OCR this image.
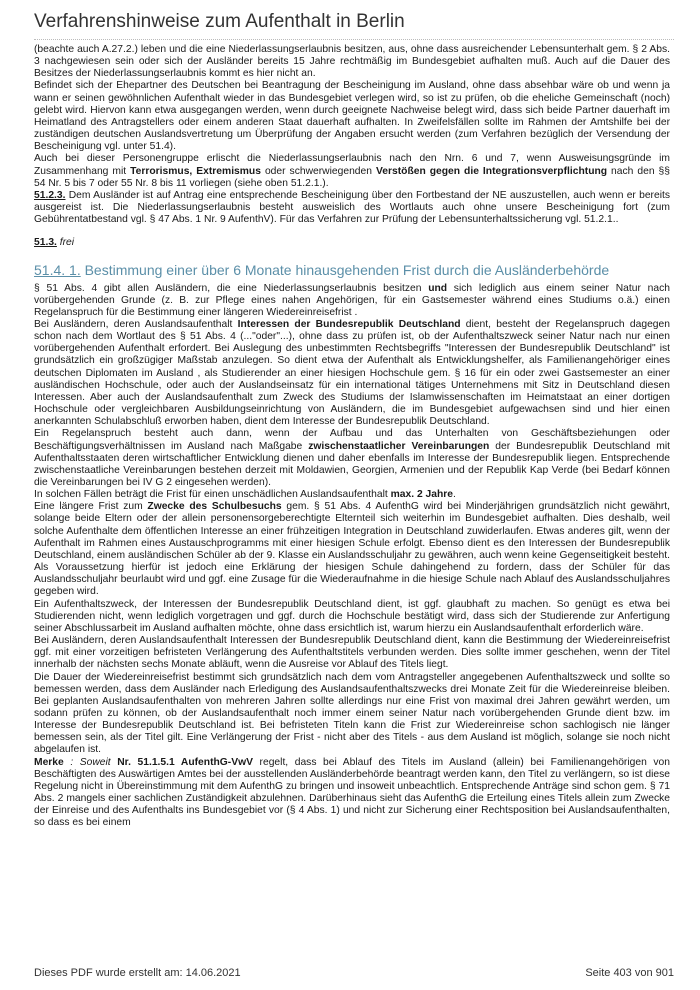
Verfahrenshinweise zum Aufenthalt in Berlin

(beachte auch A.27.2.) leben und die eine Niederlassungserlaubnis besitzen, aus, ohne dass ausreichender Lebensunterhalt gem. § 2 Abs. 3 nachgewiesen sein oder sich der Ausländer bereits 15 Jahre rechtmäßig im Bundesgebiet aufhalten muß. Auch auf die Dauer des Besitzes der Niederlassungserlaubnis kommt es hier nicht an.

Befindet sich der Ehepartner des Deutschen bei Beantragung der Bescheinigung im Ausland, ohne dass absehbar wäre ob und wenn ja wann er seinen gewöhnlichen Aufenthalt wieder in das Bundesgebiet verlegen wird, so ist zu prüfen, ob die eheliche Gemeinschaft (noch) gelebt wird. Hiervon kann etwa ausgegangen werden, wenn durch geeignete Nachweise belegt wird, dass sich beide Partner dauerhaft im Heimatland des Antragstellers oder einem anderen Staat dauerhaft aufhalten. In Zweifelsfällen sollte im Rahmen der Amtshilfe bei der zuständigen deutschen Auslandsvertretung um Überprüfung der Angaben ersucht werden (zum Verfahren bezüglich der Versendung der Bescheinigung vgl. unter 51.4).

Auch bei dieser Personengruppe erlischt die Niederlassungserlaubnis nach den Nrn. 6 und 7, wenn Ausweisungsgründe im Zusammenhang mit Terrorismus, Extremismus oder schwerwiegenden Verstößen gegen die Integrationsverpflichtung nach den §§ 54 Nr. 5 bis 7 oder 55 Nr. 8 bis 11 vorliegen (siehe oben 51.2.1.).

51.2.3. Dem Ausländer ist auf Antrag eine entsprechende Bescheinigung über den Fortbestand der NE auszustellen, auch wenn er bereits ausgereist ist. Die Niederlassungserlaubnis besteht ausweislich des Wortlauts auch ohne unsere Bescheinigung fort (zum Gebührentatbestand vgl. § 47 Abs. 1 Nr. 9 AufenthV). Für das Verfahren zur Prüfung der Lebensunterhaltssicherung vgl. 51.2.1..

51.3. frei

51.4. 1. Bestimmung einer über 6 Monate hinausgehenden Frist durch die Ausländerbehörde

§ 51 Abs. 4 gibt allen Ausländern, die eine Niederlassungserlaubnis besitzen und sich lediglich aus einem seiner Natur nach vorübergehenden Grunde (z. B. zur Pflege eines nahen Angehörigen, für ein Gastsemester während eines Studiums o.ä.) einen Regelanspruch für die Bestimmung einer längeren Wiedereinreisefrist .

Bei Ausländern, deren Auslandsaufenthalt Interessen der Bundesrepublik Deutschland dient, besteht der Regelanspruch dagegen schon nach dem Wortlaut des § 51 Abs. 4 (..."oder"...), ohne dass zu prüfen ist, ob der Aufenthaltszweck seiner Natur nach nur einen vorübergehenden Aufenthalt erfordert. Bei Auslegung des unbestimmten Rechtsbegriffs "Interessen der Bundesrepublik Deutschland" ist grundsätzlich ein großzügiger Maßstab anzulegen. So dient etwa der Aufenthalt als Entwicklungshelfer, als Familienangehöriger eines deutschen Diplomaten im Ausland , als Studierender an einer hiesigen Hochschule gem. § 16 für ein oder zwei Gastsemester an einer ausländischen Hochschule, oder auch der Auslandseinsatz für ein international tätiges Unternehmens mit Sitz in Deutschland diesen Interessen. Aber auch der Auslandsaufenthalt zum Zweck des Studiums der Islamwissenschaften im Heimatstaat an einer dortigen Hochschule oder vergleichbaren Ausbildungseinrichtung von Ausländern, die im Bundesgebiet aufgewachsen sind und hier einen anerkannten Schulabschluß erworben haben, dient dem Interesse der Bundesrepublik Deutschland.

Ein Regelanspruch besteht auch dann, wenn der Aufbau und das Unterhalten von Geschäftsbeziehungen oder Beschäftigungsverhältnissen im Ausland nach Maßgabe zwischenstaatlicher Vereinbarungen der Bundesrepublik Deutschland mit Aufenthaltsstaaten deren wirtschaftlicher Entwicklung dienen und daher ebenfalls im Interesse der Bundesrepublik liegen. Entsprechende zwischenstaatliche Vereinbarungen bestehen derzeit mit Moldawien, Georgien, Armenien und der Republik Kap Verde (bei Bedarf können die Vereinbarungen bei IV G 2 eingesehen werden).

In solchen Fällen beträgt die Frist für einen unschädlichen Auslandsaufenthalt max. 2 Jahre.

Eine längere Frist zum Zwecke des Schulbesuchs gem. § 51 Abs. 4 AufenthG wird bei Minderjährigen grundsätzlich nicht gewährt, solange beide Eltern oder der allein personensorgeberechtigte Elternteil sich weiterhin im Bundesgebiet aufhalten. Dies deshalb, weil solche Aufenthalte dem öffentlichen Interesse an einer frühzeitigen Integration in Deutschland zuwiderlaufen. Etwas anderes gilt, wenn der Aufenthalt im Rahmen eines Austauschprogramms mit einer hiesigen Schule erfolgt. Ebenso dient es den Interessen der Bundesrepublik Deutschland, einem ausländischen Schüler ab der 9. Klasse ein Auslandsschuljahr zu gewähren, auch wenn keine Gegenseitigkeit besteht. Als Voraussetzung hierfür ist jedoch eine Erklärung der hiesigen Schule dahingehend zu fordern, dass der Schüler für das Auslandsschuljahr beurlaubt wird und ggf. eine Zusage für die Wiederaufnahme in die hiesige Schule nach Ablauf des Auslandsschuljahres gegeben wird.

Ein Aufenthaltszweck, der Interessen der Bundesrepublik Deutschland dient, ist ggf. glaubhaft zu machen. So genügt es etwa bei Studierenden nicht, wenn lediglich vorgetragen und ggf. durch die Hochschule bestätigt wird, dass sich der Studierende zur Anfertigung seiner Abschlussarbeit im Ausland aufhalten möchte, ohne dass ersichtlich ist, warum hierzu ein Auslandsaufenthalt erforderlich wäre.

Bei Ausländern, deren Auslandsaufenthalt Interessen der Bundesrepublik Deutschland dient, kann die Bestimmung der Wiedereinreisefrist ggf. mit einer vorzeitigen befristeten Verlängerung des Aufenthaltstitels verbunden werden. Dies sollte immer geschehen, wenn der Titel innerhalb der nächsten sechs Monate abläuft, wenn die Ausreise vor Ablauf des Titels liegt.

Die Dauer der Wiedereinreisefrist bestimmt sich grundsätzlich nach dem vom Antragsteller angegebenen Aufenthaltszweck und sollte so bemessen werden, dass dem Ausländer nach Erledigung des Auslandsaufenthaltszwecks drei Monate Zeit für die Wiedereinreise bleiben. Bei geplanten Auslandsaufenthalten von mehreren Jahren sollte allerdings nur eine Frist von maximal drei Jahren gewährt werden, um sodann prüfen zu können, ob der Auslandsaufenthalt noch immer einem seiner Natur nach vorübergehenden Grunde dient bzw. im Interesse der Bundesrepublik Deutschland ist. Bei befristeten Titeln kann die Frist zur Wiedereinreise schon sachlogisch nie länger bemessen sein, als der Titel gilt. Eine Verlängerung der Frist - nicht aber des Titels - aus dem Ausland ist möglich, solange sie noch nicht abgelaufen ist.

Merke : Soweit Nr. 51.1.5.1 AufenthG-VwV regelt, dass bei Ablauf des Titels im Ausland (allein) bei Familienangehörigen von Beschäftigten des Auswärtigen Amtes bei der ausstellenden Ausländerbehörde beantragt werden kann, den Titel zu verlängern, so ist diese Regelung nicht in Übereinstimmung mit dem AufenthG zu bringen und insoweit unbeachtlich. Entsprechende Anträge sind schon gem. § 71 Abs. 2 mangels einer sachlichen Zuständigkeit abzulehnen. Darüberhinaus sieht das AufenthG die Erteilung eines Titels allein zum Zwecke der Einreise und des Aufenthalts ins Bundesgebiet vor (§ 4 Abs. 1) und nicht zur Sicherung einer Rechtsposition bei Auslandsaufenthalten, so dass es bei einem

Dieses PDF wurde erstellt am: 14.06.2021	Seite 403 von 901
